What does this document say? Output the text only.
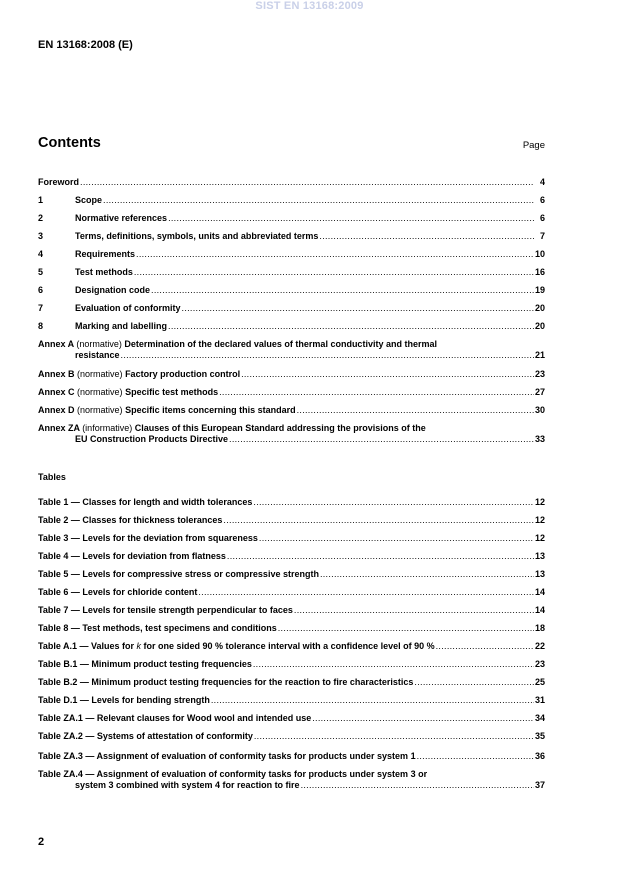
SIST EN 13168:2009
EN 13168:2008 (E)
Contents	Page
Foreword .....	4
1	Scope .....	6
2	Normative references .....	6
3	Terms, definitions, symbols, units and abbreviated terms .....	7
4	Requirements .....	10
5	Test methods .....	16
6	Designation code .....	19
7	Evaluation of conformity .....	20
8	Marking and labelling .....	20
Annex A (normative) Determination of the declared values of thermal conductivity and thermal
resistance .....	21
Annex B (normative) Factory production control .....	23
Annex C (normative) Specific test methods .....	27
Annex D (normative) Specific items concerning this standard .....	30
Annex ZA (informative) Clauses of this European Standard addressing the provisions of the
EU Construction Products Directive .....	33
Tables
Table 1 — Classes for length and width tolerances .....	12
Table 2 — Classes for thickness tolerances .....	12
Table 3 — Levels for the deviation from squareness .....	12
Table 4 — Levels for deviation from flatness .....	13
Table 5 — Levels for compressive stress or compressive strength .....	13
Table 6 — Levels for chloride content .....	14
Table 7 — Levels for tensile strength perpendicular to faces .....	14
Table 8 — Test methods, test specimens and conditions .....	18
Table A.1 — Values for k for one sided 90 % tolerance interval with a confidence level of 90 % .....	22
Table B.1 — Minimum product testing frequencies .....	23
Table B.2 — Minimum product testing frequencies for the reaction to fire characteristics .....	25
Table D.1 — Levels for bending strength .....	31
Table ZA.1 — Relevant clauses for Wood wool and intended use .....	34
Table ZA.2 — Systems of attestation of conformity .....	35
Table ZA.3 — Assignment of evaluation of conformity tasks for products under system 1 .....	36
Table ZA.4 — Assignment of evaluation of conformity tasks for products under system 3 or
system 3 combined with system 4 for reaction to fire .....	37
2
